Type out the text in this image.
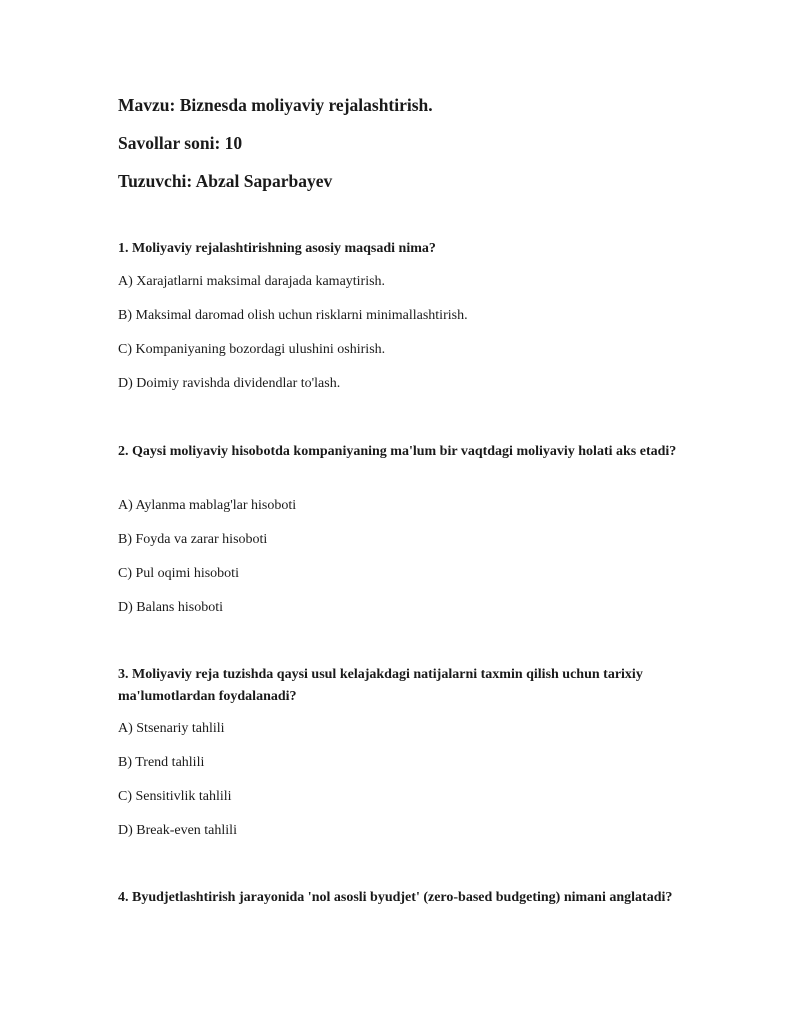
Mavzu: Biznesda moliyaviy rejalashtirish.
Savollar soni: 10
Tuzuvchi: Abzal Saparbayev
1. Moliyaviy rejalashtirishning asosiy maqsadi nima?
A) Xarajatlarni maksimal darajada kamaytirish.
B) Maksimal daromad olish uchun risklarni minimallashtirish.
C) Kompaniyaning bozordagi ulushini oshirish.
D) Doimiy ravishda dividendlar to'lash.
2. Qaysi moliyaviy hisobotda kompaniyaning ma'lum bir vaqtdagi moliyaviy holati aks etadi?
A) Aylanma mablag'lar hisoboti
B) Foyda va zarar hisoboti
C) Pul oqimi hisoboti
D) Balans hisoboti
3. Moliyaviy reja tuzishda qaysi usul kelajakdagi natijalarni taxmin qilish uchun tarixiy ma'lumotlardan foydalanadi?
A) Stsenariy tahlili
B) Trend tahlili
C) Sensitivlik tahlili
D) Break-even tahlili
4. Byudjetlashtirish jarayonida 'nol asosli byudjet' (zero-based budgeting) nimani anglatadi?
